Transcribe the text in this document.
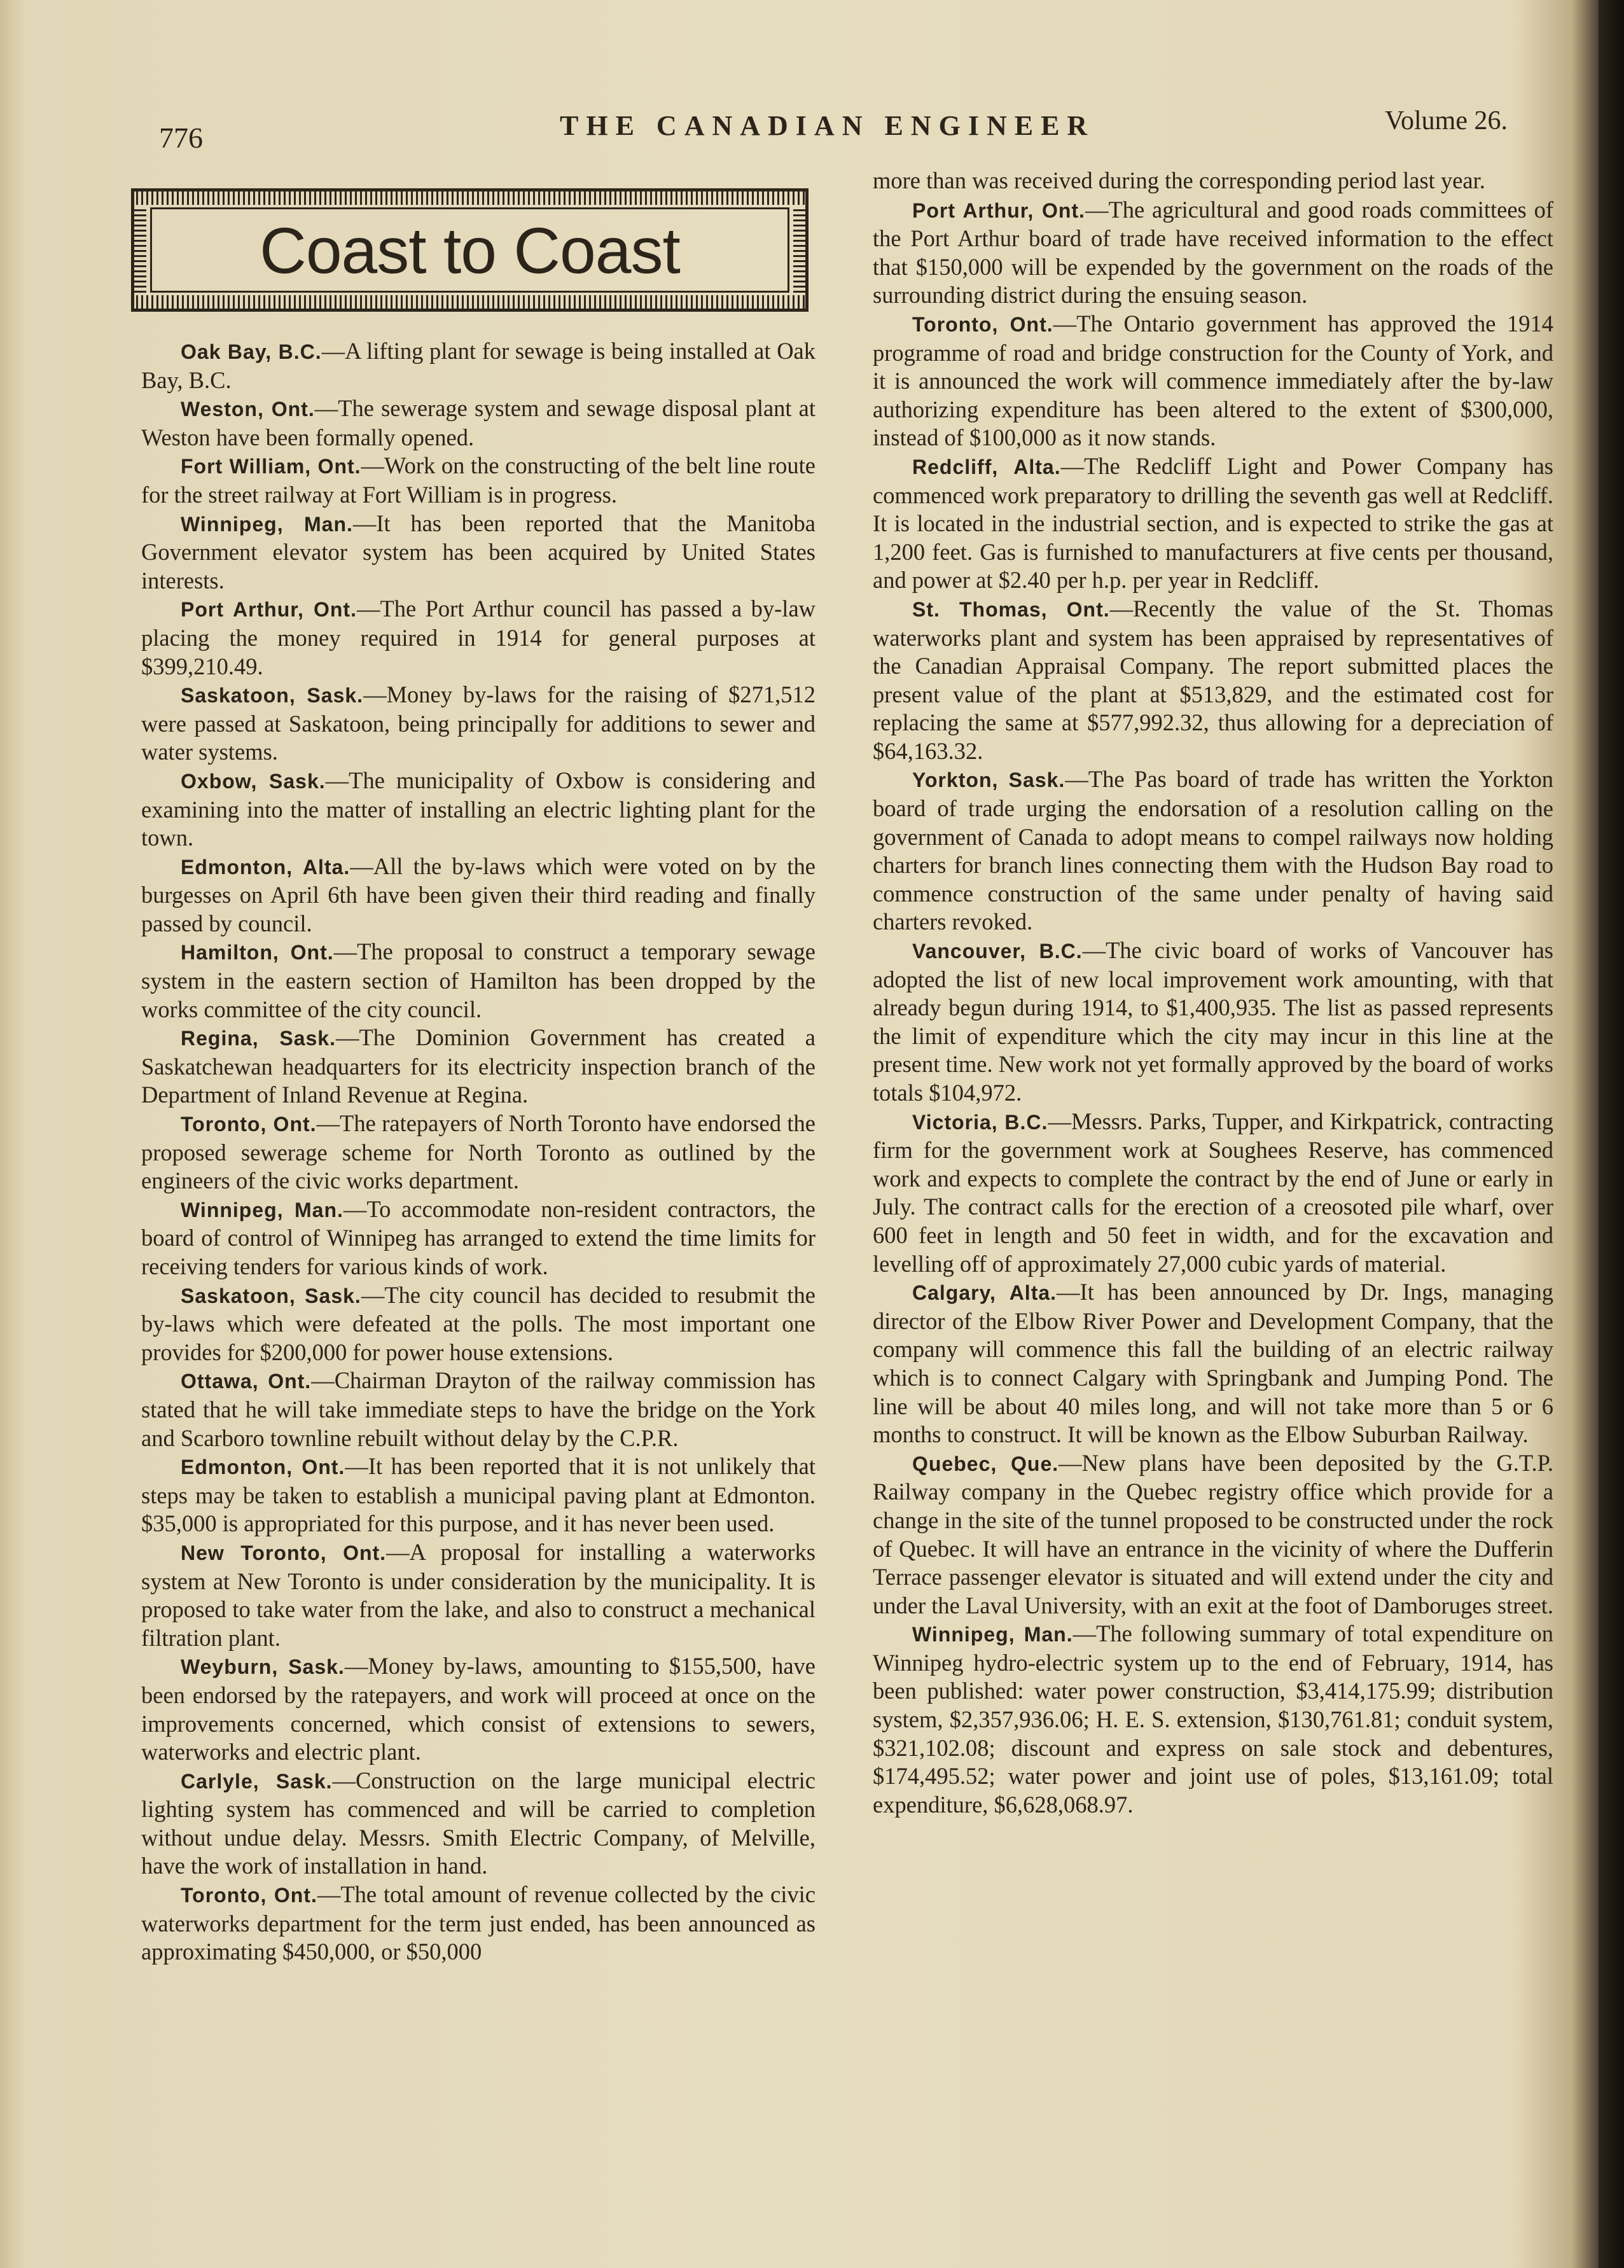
776	THE CANADIAN ENGINEER	Volume 26.
Coast to Coast

Oak Bay, B.C.—A lifting plant for sewage is being installed at Oak Bay, B.C.

Weston, Ont.—The sewerage system and sewage disposal plant at Weston have been formally opened.

Fort William, Ont.—Work on the constructing of the belt line route for the street railway at Fort William is in progress.

Winnipeg, Man.—It has been reported that the Manitoba Government elevator system has been acquired by United States interests.

Port Arthur, Ont.—The Port Arthur council has passed a by-law placing the money required in 1914 for general purposes at $399,210.49.

Saskatoon, Sask.—Money by-laws for the raising of $271,512 were passed at Saskatoon, being principally for additions to sewer and water systems.

Oxbow, Sask.—The municipality of Oxbow is considering and examining into the matter of installing an electric lighting plant for the town.

Edmonton, Alta.—All the by-laws which were voted on by the burgesses on April 6th have been given their third reading and finally passed by council.

Hamilton, Ont.—The proposal to construct a temporary sewage system in the eastern section of Hamilton has been dropped by the works committee of the city council.

Regina, Sask.—The Dominion Government has created a Saskatchewan headquarters for its electricity inspection branch of the Department of Inland Revenue at Regina.

Toronto, Ont.—The ratepayers of North Toronto have endorsed the proposed sewerage scheme for North Toronto as outlined by the engineers of the civic works department.

Winnipeg, Man.—To accommodate non-resident contractors, the board of control of Winnipeg has arranged to extend the time limits for receiving tenders for various kinds of work.

Saskatoon, Sask.—The city council has decided to resubmit the by-laws which were defeated at the polls. The most important one provides for $200,000 for power house extensions.

Ottawa, Ont.—Chairman Drayton of the railway commission has stated that he will take immediate steps to have the bridge on the York and Scarboro townline rebuilt without delay by the C.P.R.

Edmonton, Ont.—It has been reported that it is not unlikely that steps may be taken to establish a municipal paving plant at Edmonton. $35,000 is appropriated for this purpose, and it has never been used.

New Toronto, Ont.—A proposal for installing a waterworks system at New Toronto is under consideration by the municipality. It is proposed to take water from the lake, and also to construct a mechanical filtration plant.

Weyburn, Sask.—Money by-laws, amounting to $155,500, have been endorsed by the ratepayers, and work will proceed at once on the improvements concerned, which consist of extensions to sewers, waterworks and electric plant.

Carlyle, Sask.—Construction on the large municipal electric lighting system has commenced and will be carried to completion without undue delay. Messrs. Smith Electric Company, of Melville, have the work of installation in hand.

Toronto, Ont.—The total amount of revenue collected by the civic waterworks department for the term just ended, has been announced as approximating $450,000, or $50,000

more than was received during the corresponding period last year.

Port Arthur, Ont.—The agricultural and good roads committees of the Port Arthur board of trade have received information to the effect that $150,000 will be expended by the government on the roads of the surrounding district during the ensuing season.

Toronto, Ont.—The Ontario government has approved the 1914 programme of road and bridge construction for the County of York, and it is announced the work will commence immediately after the by-law authorizing expenditure has been altered to the extent of $300,000, instead of $100,000 as it now stands.

Redcliff, Alta.—The Redcliff Light and Power Company has commenced work preparatory to drilling the seventh gas well at Redcliff. It is located in the industrial section, and is expected to strike the gas at 1,200 feet. Gas is furnished to manufacturers at five cents per thousand, and power at $2.40 per h.p. per year in Redcliff.

St. Thomas, Ont.—Recently the value of the St. Thomas waterworks plant and system has been appraised by representatives of the Canadian Appraisal Company. The report submitted places the present value of the plant at $513,829, and the estimated cost for replacing the same at $577,992.32, thus allowing for a depreciation of $64,163.32.

Yorkton, Sask.—The Pas board of trade has written the Yorkton board of trade urging the endorsation of a resolution calling on the government of Canada to adopt means to compel railways now holding charters for branch lines connecting them with the Hudson Bay road to commence construction of the same under penalty of having said charters revoked.

Vancouver, B.C.—The civic board of works of Vancouver has adopted the list of new local improvement work amounting, with that already begun during 1914, to $1,400,935. The list as passed represents the limit of expenditure which the city may incur in this line at the present time. New work not yet formally approved by the board of works totals $104,972.

Victoria, B.C.—Messrs. Parks, Tupper, and Kirkpatrick, contracting firm for the government work at Soughees Reserve, has commenced work and expects to complete the contract by the end of June or early in July. The contract calls for the erection of a creosoted pile wharf, over 600 feet in length and 50 feet in width, and for the excavation and levelling off of approximately 27,000 cubic yards of material.

Calgary, Alta.—It has been announced by Dr. Ings, managing director of the Elbow River Power and Development Company, that the company will commence this fall the building of an electric railway which is to connect Calgary with Springbank and Jumping Pond. The line will be about 40 miles long, and will not take more than 5 or 6 months to construct. It will be known as the Elbow Suburban Railway.

Quebec, Que.—New plans have been deposited by the G.T.P. Railway company in the Quebec registry office which provide for a change in the site of the tunnel proposed to be constructed under the rock of Quebec. It will have an entrance in the vicinity of where the Dufferin Terrace passenger elevator is situated and will extend under the city and under the Laval University, with an exit at the foot of Damboruges street.

Winnipeg, Man.—The following summary of total expenditure on Winnipeg hydro-electric system up to the end of February, 1914, has been published: water power construction, $3,414,175.99; distribution system, $2,357,936.06; H. E. S. extension, $130,761.81; conduit system, $321,102.08; discount and express on sale stock and debentures, $174,495.52; water power and joint use of poles, $13,161.09; total expenditure, $6,628,068.97.
